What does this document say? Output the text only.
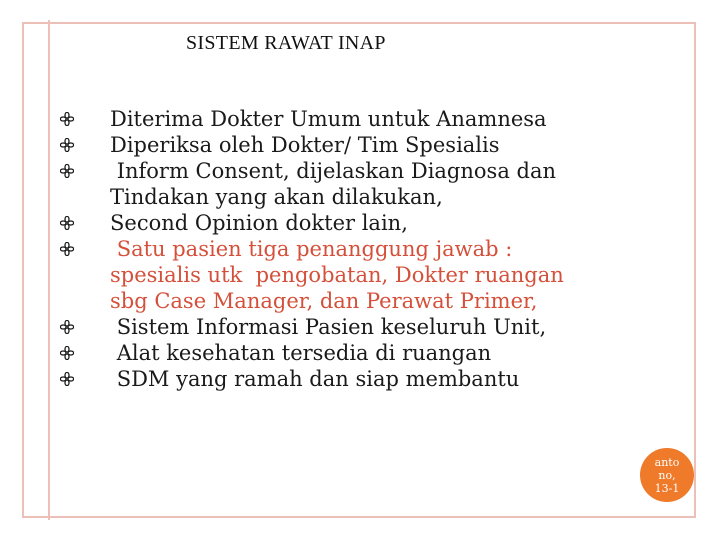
SISTEM RAWAT INAP
Diterima Dokter Umum untuk Anamnesa
Diperiksa oleh Dokter/ Tim Spesialis
Inform Consent, dijelaskan Diagnosa dan
Tindakan yang akan dilakukan,
Second Opinion dokter lain,
Satu pasien tiga penanggung jawab :
spesialis utk  pengobatan, Dokter ruangan
sbg Case Manager, dan Perawat Primer,
Sistem Informasi Pasien keseluruh Unit,
Alat kesehatan tersedia di ruangan
SDM yang ramah dan siap membantu
anto
no,
13-1
